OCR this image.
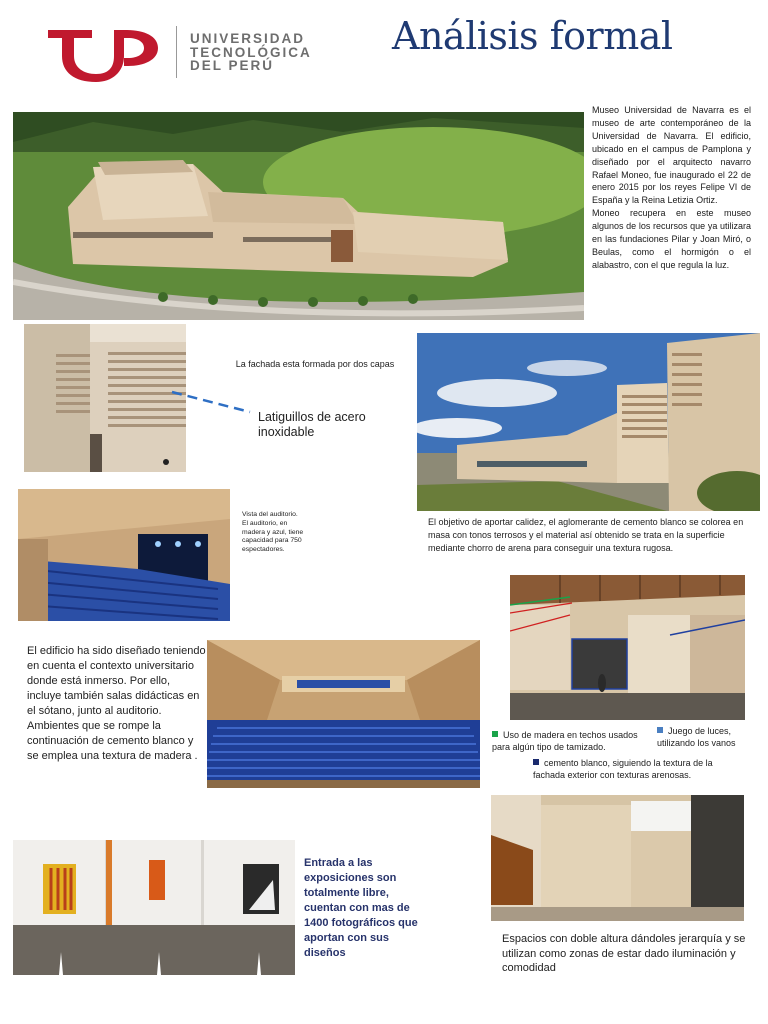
UNIVERSIDAD
TECNOLÓGICA
DEL PERÚ
Análisis formal

Museo Universidad de Navarra es el museo de arte contemporáneo de la Universidad de Navarra. El edificio, ubicado en el campus de Pamplona y diseñado por el arquitecto navarro Rafael Moneo, fue inaugurado el 22 de enero 2015 por los reyes Felipe VI de España y la Reina Letizia Ortiz.

Moneo recupera en este museo algunos de los recursos que ya utilizara en las fundaciones Pilar y Joan Miró, o Beulas, como el hormigón o el alabastro, con el que regula la luz.

La fachada esta formada por dos capas
Latiguillos de acero inoxidable

Vista del auditorio.

El auditorio, en madera y azul, tiene capacidad para 750 espectadores.

El objetivo de aportar calidez, el aglomerante de cemento blanco se colorea en masa con tonos terrosos y el material así obtenido se trata en la superficie mediante chorro de arena para conseguir una textura rugosa.
Uso de madera en techos usados para algún tipo de tamizado.
Juego de luces, utilizando los vanos
cemento blanco, siguiendo la textura de la fachada exterior con texturas arenosas.

El edificio ha sido diseñado teniendo en cuenta el contexto universitario donde está inmerso. Por ello, incluye también salas didácticas en el sótano, junto al auditorio.

Ambientes que se rompe la continuación de cemento blanco y se emplea una textura de madera .

Entrada a las exposiciones son totalmente libre, cuentan con mas de 1400 fotográficos que aportan con sus diseños
Espacios con doble altura dándoles jerarquía y se utilizan como zonas de estar dado iluminación y comodidad
